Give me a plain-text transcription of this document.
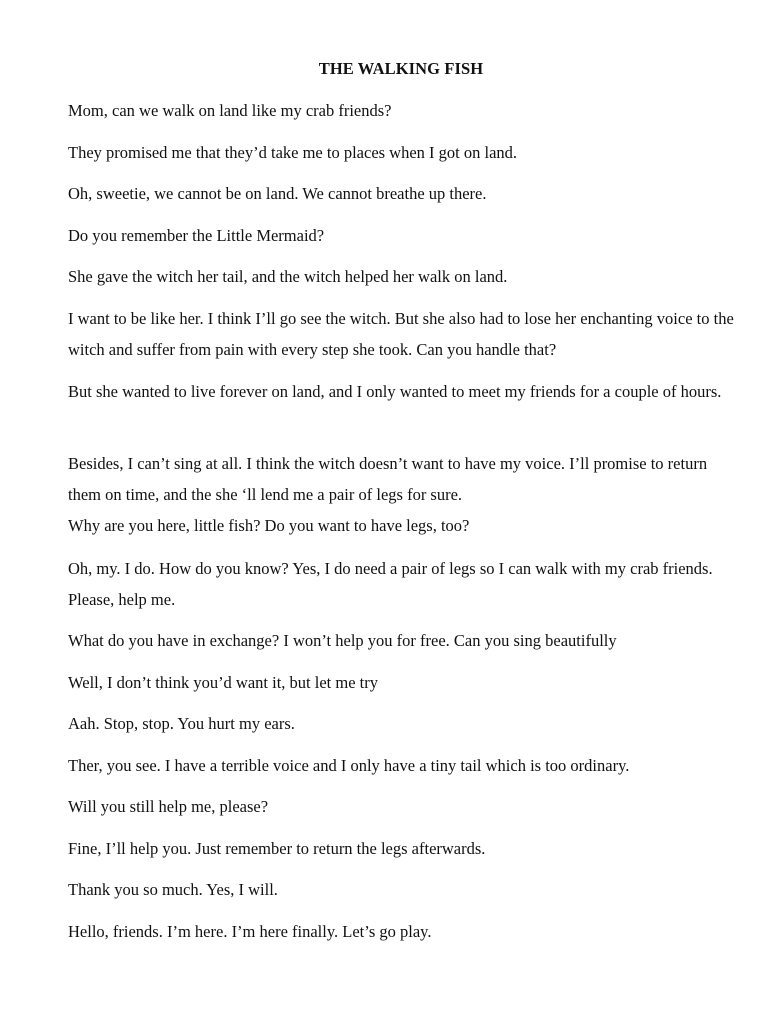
THE WALKING FISH

Mom, can we walk on land like my crab friends?

They promised me that they’d take me to places when I got on land.

Oh, sweetie, we cannot be on land. We cannot breathe up there.

Do you remember the Little Mermaid?

She gave the witch her tail, and the witch helped her walk on land.

I want to be like her. I think I’ll go see the witch. But she also had to lose her enchanting voice to the witch and suffer from pain with every step she took. Can you handle that?

But she wanted to live forever on land, and I only wanted to meet my friends for a couple of hours.

Besides, I can’t sing at all. I think the witch doesn’t want to have my voice. I’ll promise to return them on time, and the she ‘ll lend me a pair of legs for sure.

Why are you here, little fish? Do you want to have legs, too?

Oh, my. I do. How do you know? Yes, I do need a pair of legs so I can walk with my crab friends. Please, help me.

What do you have in exchange? I won’t help you for free. Can you sing beautifully

Well, I don’t think you’d want it, but let me try

Aah. Stop, stop. You hurt my ears.

Ther, you see. I have a terrible voice and I only have a tiny tail which is too ordinary.

Will you still help me, please?

Fine, I’ll help you. Just remember to return the legs afterwards.

Thank you so much. Yes, I will.

Hello, friends. I’m here. I’m here finally. Let’s go play.
